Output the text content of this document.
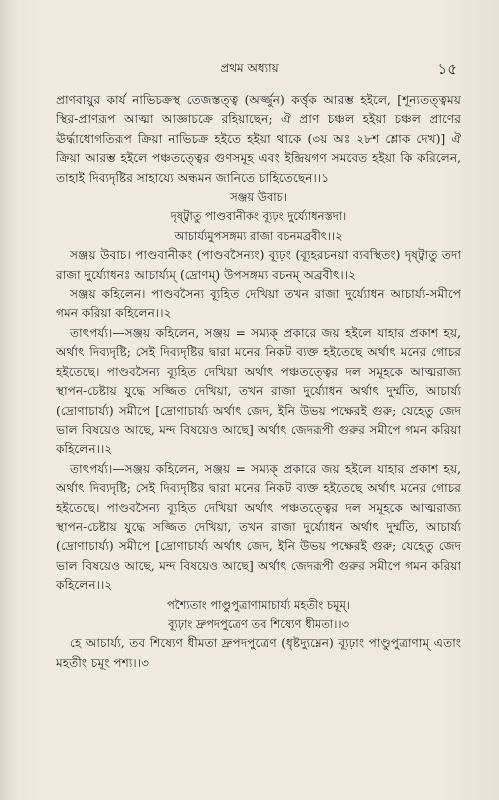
প্রথম অধ্যায়	১৫

প্রাণবায়ুর কার্য নাভিচক্রস্থ তেজস্তত্ত্ব (অর্জ্জুন) কর্ত্তৃক আরম্ভ হইলে, [শূন্যতত্ত্বময় স্থির-প্রাণরূপ আত্মা আজ্ঞাচক্রে রহিয়াছেন; ঐ প্রাণ চঞ্চল হইয়া চঞ্চল প্রাণের ঊর্দ্ধাধোগতিরূপ ক্রিয়া নাভিচক্র হইতে হইয়া থাকে (৩য় অঃ ২৮শ শ্লোক দেখ)] ঐ ক্রিয়া আরম্ভ হইলে পঞ্চতত্ত্বের গুণসমূহ এবং ইন্দ্রিয়গণ সমবেত হইয়া কি করিলেন, তাহাই দিব্যদৃষ্টির সাহায্যে অন্ধমন জানিতে চাহিতেছেন।।১

সঞ্জয় উবাচ।

দৃষ্ট্বাতু পাণ্ডবানীকং ব্যূঢ়ং দুর্য্যোধনস্তদা।

আচার্য্যমুপসঙ্গম্য রাজা বচনমব্রবীৎ।।২

সঞ্জয় উবাচ। পাণ্ডবানীকং (পাণ্ডবসৈন্যং) ব্যূঢ়ং (ব্যূহরচনয়া ব্যবস্থিতং) দৃষ্ট্বাতু তদা রাজা দুর্য্যোধনঃ আচার্য্যম্‌ (দ্রোণম্‌) উপসঙ্গম্য বচনম্‌ অব্রবীৎ।।২

সঞ্জয় কহিলেন। পাণ্ডবসৈন্য ব্যূহিত দেখিয়া তখন রাজা দুর্য্যোধন আচার্য্য-সমীপে গমন করিয়া কহিলেন।।২

তাৎপর্য্য।—সঞ্জয় কহিলেন, সঞ্জয় = সম্যক্‌ প্রকারে জয় হইলে যাহার প্রকাশ হয়, অর্থাৎ দিব্যদৃষ্টি; সেই দিব্যদৃষ্টির দ্বারা মনের নিকট ব্যক্ত হইতেছে অর্থাৎ মনের গোচর হইতেছে। পাণ্ডবসৈন্য ব্যূহিত দেখিয়া অর্থাৎ পঞ্চতত্ত্বের দল সমূহকে আত্মরাজ্য স্থাপন-চেষ্টায় যুদ্ধে সজ্জিত দেখিয়া, তখন রাজা দুর্য্যোধন অর্থাৎ দুর্ম্মতি, আচার্য্য (দ্রোণাচার্য্য) সমীপে [দ্রোণাচার্য্য অর্থাৎ জেদ, ইনি উভয় পক্ষেরই গুরু; যেহেতু জেদ ভাল বিষয়েও আছে, মন্দ বিষয়েও আছে] অর্থাৎ জেদরূপী গুরুর সমীপে গমন করিয়া কহিলেন।।২

তাৎপর্য্য।—সঞ্জয় কহিলেন, সঞ্জয় = সম্যক্‌ প্রকারে জয় হইলে যাহার প্রকাশ হয়, অর্থাৎ দিব্যদৃষ্টি; সেই দিব্যদৃষ্টির দ্বারা মনের নিকট ব্যক্ত হইতেছে অর্থাৎ মনের গোচর হইতেছে। পাণ্ডবসৈন্য ব্যূহিত দেখিয়া অর্থাৎ পঞ্চতত্ত্বের দল সমূহকে আত্মরাজ্য স্থাপন-চেষ্টায় যুদ্ধে সজ্জিত দেখিয়া, তখন রাজা দুর্য্যোধন অর্থাৎ দুর্ম্মতি, আচার্য্য (দ্রোণাচার্য্য) সমীপে [দ্রোণাচার্য্য অর্থাৎ জেদ, ইনি উভয় পক্ষেরই গুরু; যেহেতু জেদ ভাল বিষয়েও আছে, মন্দ বিষয়েও আছে] অর্থাৎ জেদরূপী গুরুর সমীপে গমন করিয়া কহিলেন।।২

পশ্যৈতাং পাণ্ডুপুত্রাণামাচার্য্য মহতীং চমূম্‌।

ব্যূঢ়াং দ্রুপদপুত্রেণ তব শিষ্যেণ ধীমতা।।৩

হে আচার্য্য, তব শিষ্যেণ ধীমতা দ্রুপদপুত্রেণ (ধৃষ্টদ্যুম্নেন) ব্যূঢ়াং পাণ্ডুপুত্রাণাম্‌ এতাং মহতীং চমূং পশ্য।।৩
